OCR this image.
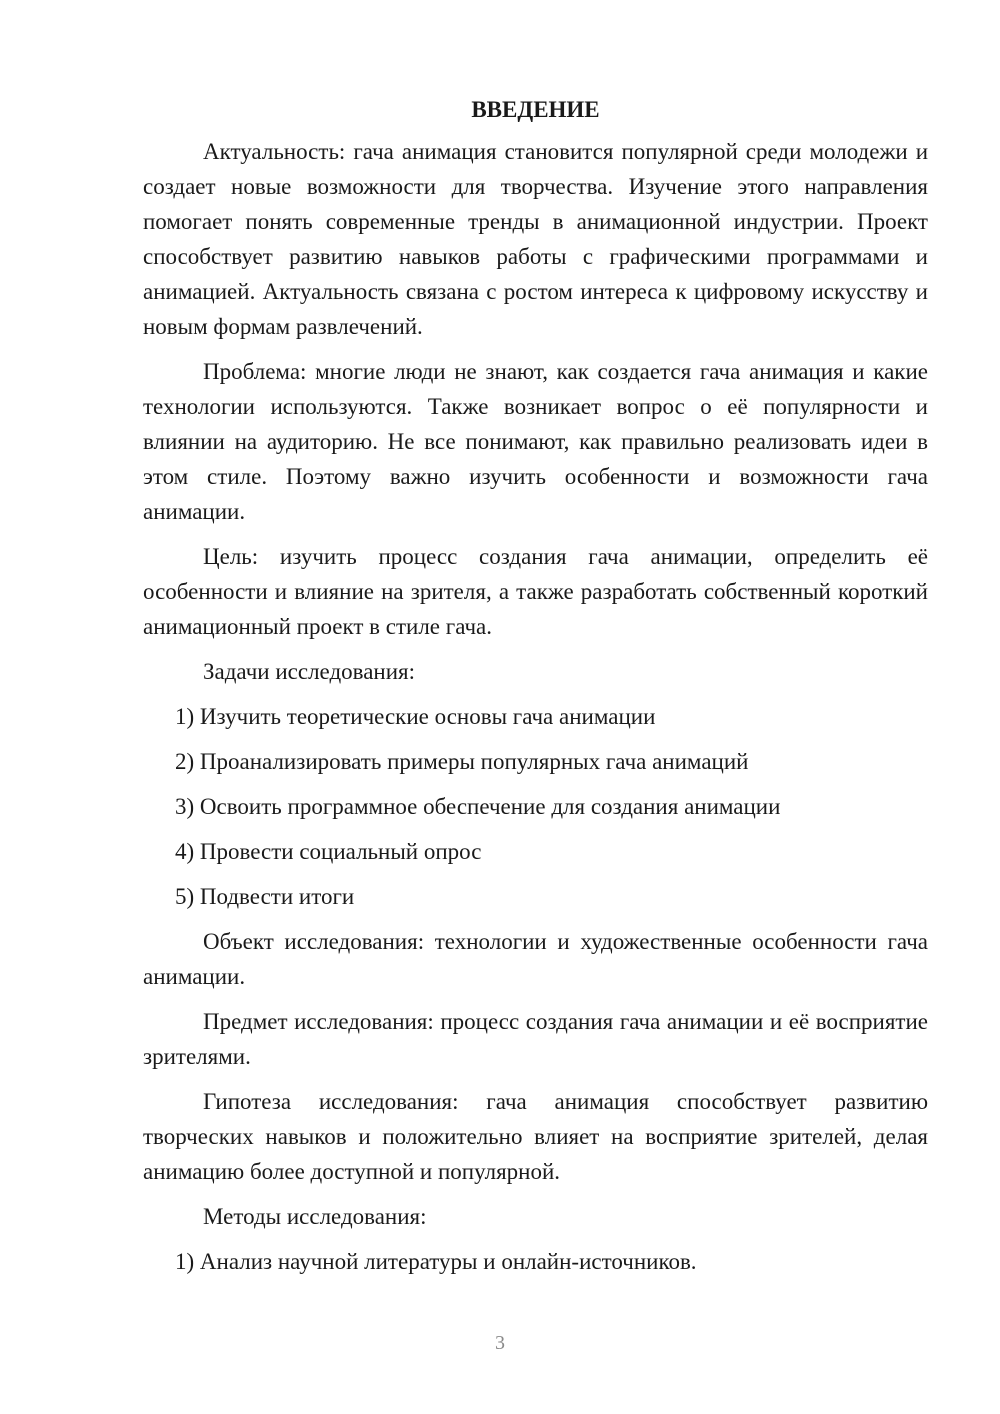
ВВЕДЕНИЕ

Актуальность: гача анимация становится популярной среди молодежи и создает новые возможности для творчества. Изучение этого направления помогает понять современные тренды в анимационной индустрии. Проект способствует развитию навыков работы с графическими программами и анимацией. Актуальность связана с ростом интереса к цифровому искусству и новым формам развлечений.

Проблема: многие люди не знают, как создается гача анимация и какие технологии используются. Также возникает вопрос о её популярности и влиянии на аудиторию. Не все понимают, как правильно реализовать идеи в этом стиле. Поэтому важно изучить особенности и возможности гача анимации.

Цель: изучить процесс создания гача анимации, определить её особенности и влияние на зрителя, а также разработать собственный короткий анимационный проект в стиле гача.

Задачи исследования:

1) Изучить теоретические основы гача анимации

2) Проанализировать примеры популярных гача анимаций

3) Освоить программное обеспечение для создания анимации

4) Провести социальный опрос

5) Подвести итоги

Объект исследования: технологии и художественные особенности гача анимации.

Предмет исследования: процесс создания гача анимации и её восприятие зрителями.

Гипотеза исследования: гача анимация способствует развитию творческих навыков и положительно влияет на восприятие зрителей, делая анимацию более доступной и популярной.

Методы исследования:

1) Анализ научной литературы и онлайн-источников.

3
